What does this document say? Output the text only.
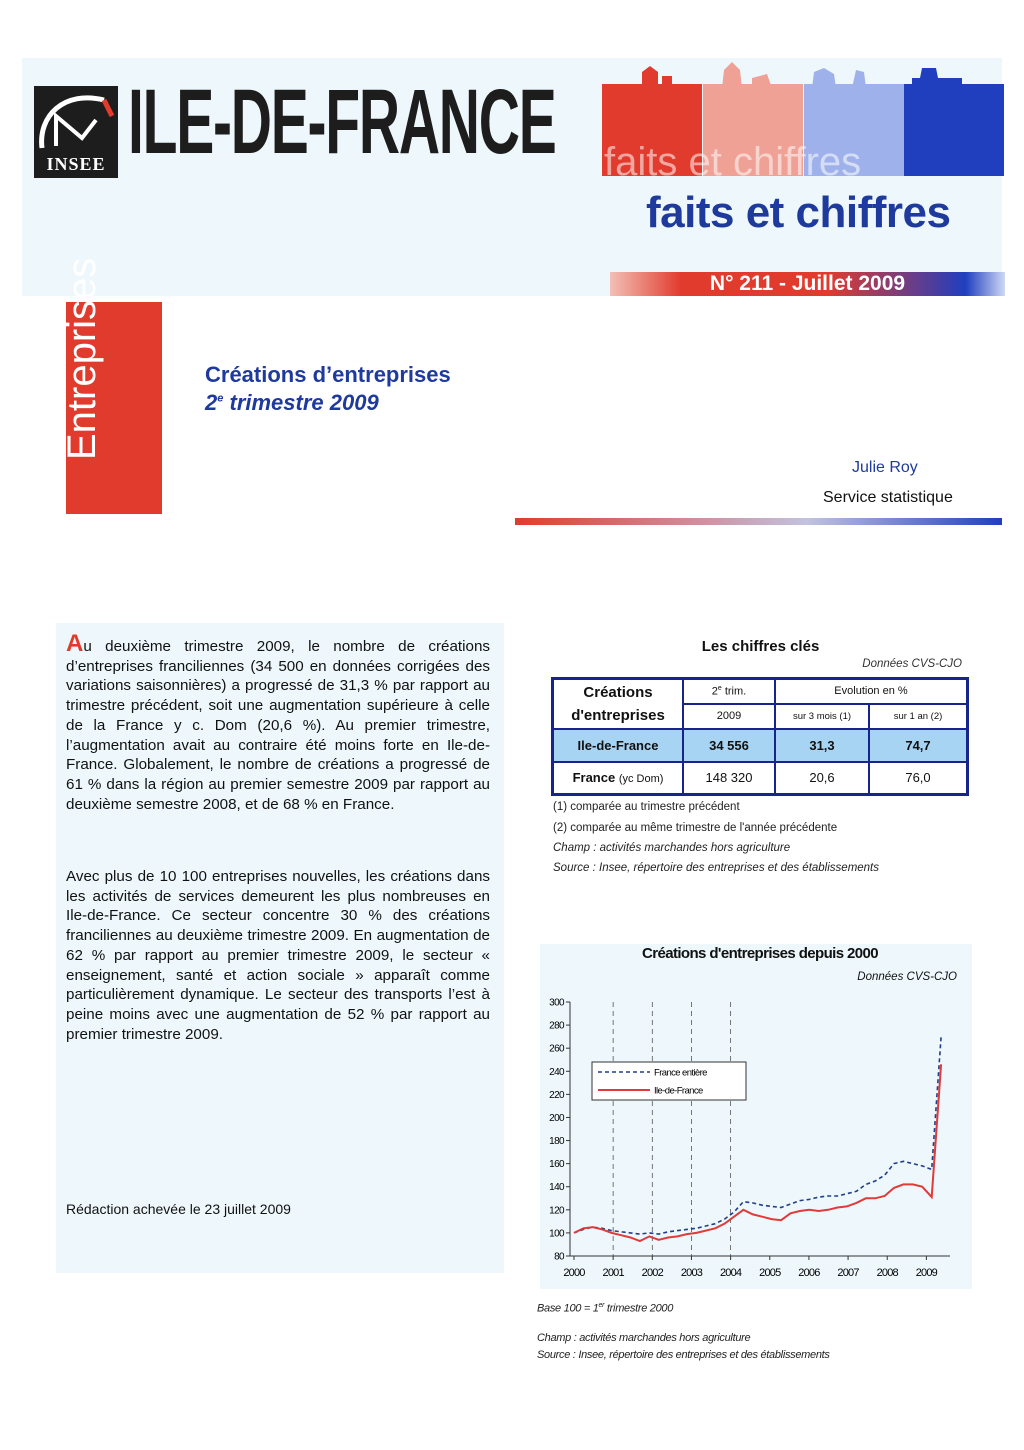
INSEE ILE-DE-FRANCE faits et chiffres
faits et chiffres
N° 211 - Juillet 2009
Entreprises	Créations d’entreprises
2e trimestre 2009
Julie Roy
Service statistique
Au deuxième trimestre 2009, le nombre de créations d’entreprises franciliennes (34 500 en données corrigées des variations saisonnières) a progressé de 31,3 % par rapport au trimestre précédent, soit une augmentation supérieure à celle de la France y c. Dom (20,6 %). Au premier trimestre, l’augmentation avait au contraire été moins forte en Ile-de-France. Globalement, le nombre de créations a progressé de 61 % dans la région au premier semestre 2009 par rapport au deuxième semestre 2008, et de 68 % en France.
Avec plus de 10 100 entreprises nouvelles, les créations dans les activités de services demeurent les plus nombreuses en Ile-de-France. Ce secteur concentre 30 % des créations franciliennes au deuxième trimestre 2009. En augmentation de 62 % par rapport au premier trimestre 2009, le secteur « enseignement, santé et action sociale » apparaît comme particulièrement dynamique. Le secteur des transports l’est à peine moins avec une augmentation de 52 % par rapport au premier trimestre 2009.
Rédaction achevée le 23 juillet 2009
Les chiffres clés
Données CVS-CJO
Créations d'entreprises	2e trim.	Evolution en %	
	2009	sur 3 mois (1)	sur 1 an (2)
Ile-de-France	34 556	31,3	74,7
France (yc Dom)	148 320	20,6	76,0
(1) comparée au trimestre précédent
(2) comparée au même trimestre de l'année précédente
Champ : activités marchandes hors agriculture
Source : Insee, répertoire des entreprises et des établissements
Créations d'entreprises depuis 2000
Données CVS-CJO
80
100
120
140
160
180
200
220
240
260
280
300
2000 2001 2002 2003 2004 2005 2006 2007 2008 2009
France entière
Ile-de-France
Base 100 = 1er trimestre 2000
Champ : activités marchandes hors agriculture
Source : Insee, répertoire des entreprises et des établissements
